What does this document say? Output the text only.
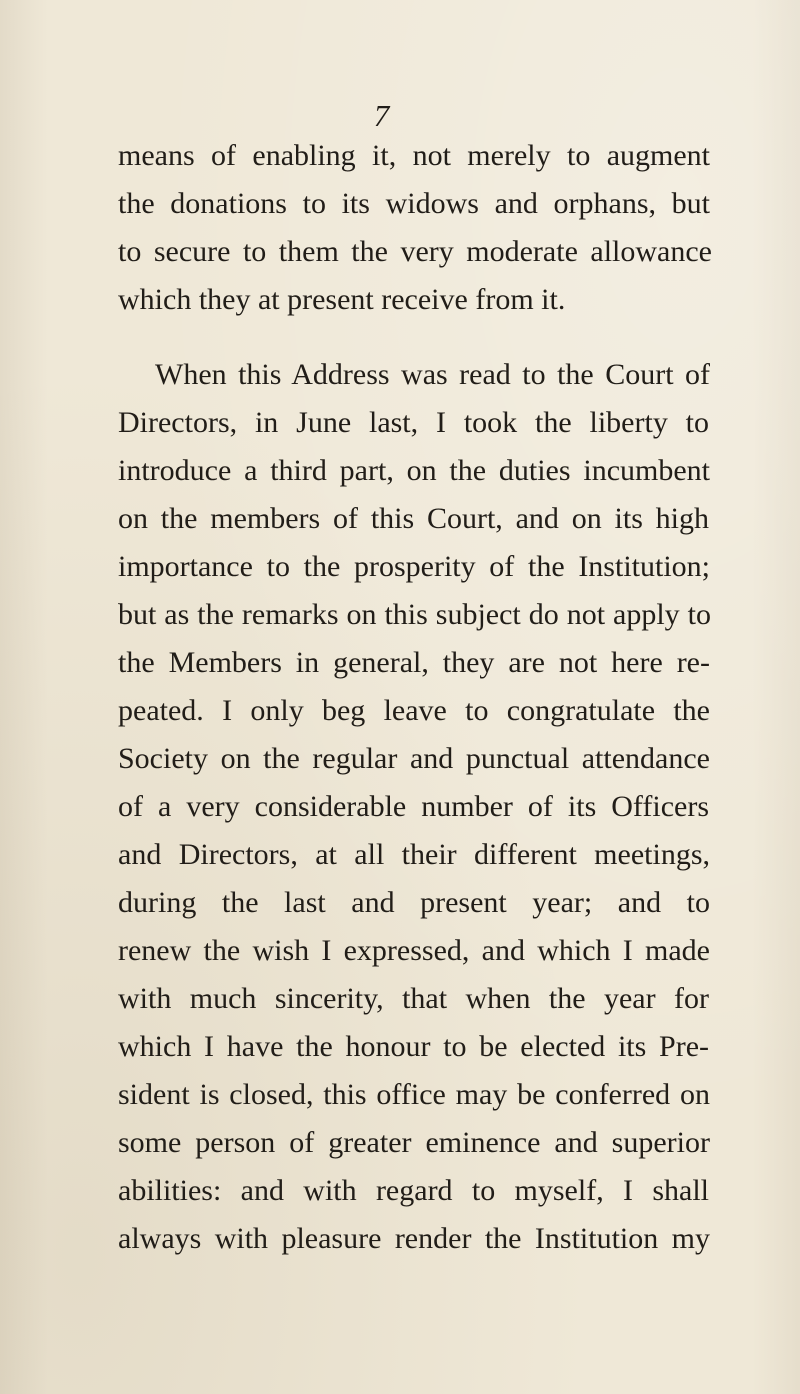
7
means of enabling it, not merely to augment
the donations to its widows and orphans, but
to secure to them the very moderate allowance
which they at present receive from it.
When this Address was read to the Court of
Directors, in June last, I took the liberty to
introduce a third part, on the duties incumbent
on the members of this Court, and on its high
importance to the prosperity of the Institution;
but as the remarks on this subject do not apply to
the Members in general, they are not here re-
peated. I only beg leave to congratulate the
Society on the regular and punctual attendance
of a very considerable number of its Officers
and Directors, at all their different meetings,
during the last and present year; and to
renew the wish I expressed, and which I made
with much sincerity, that when the year for
which I have the honour to be elected its Pre-
sident is closed, this office may be conferred on
some person of greater eminence and superior
abilities: and with regard to myself, I shall
always with pleasure render the Institution my
